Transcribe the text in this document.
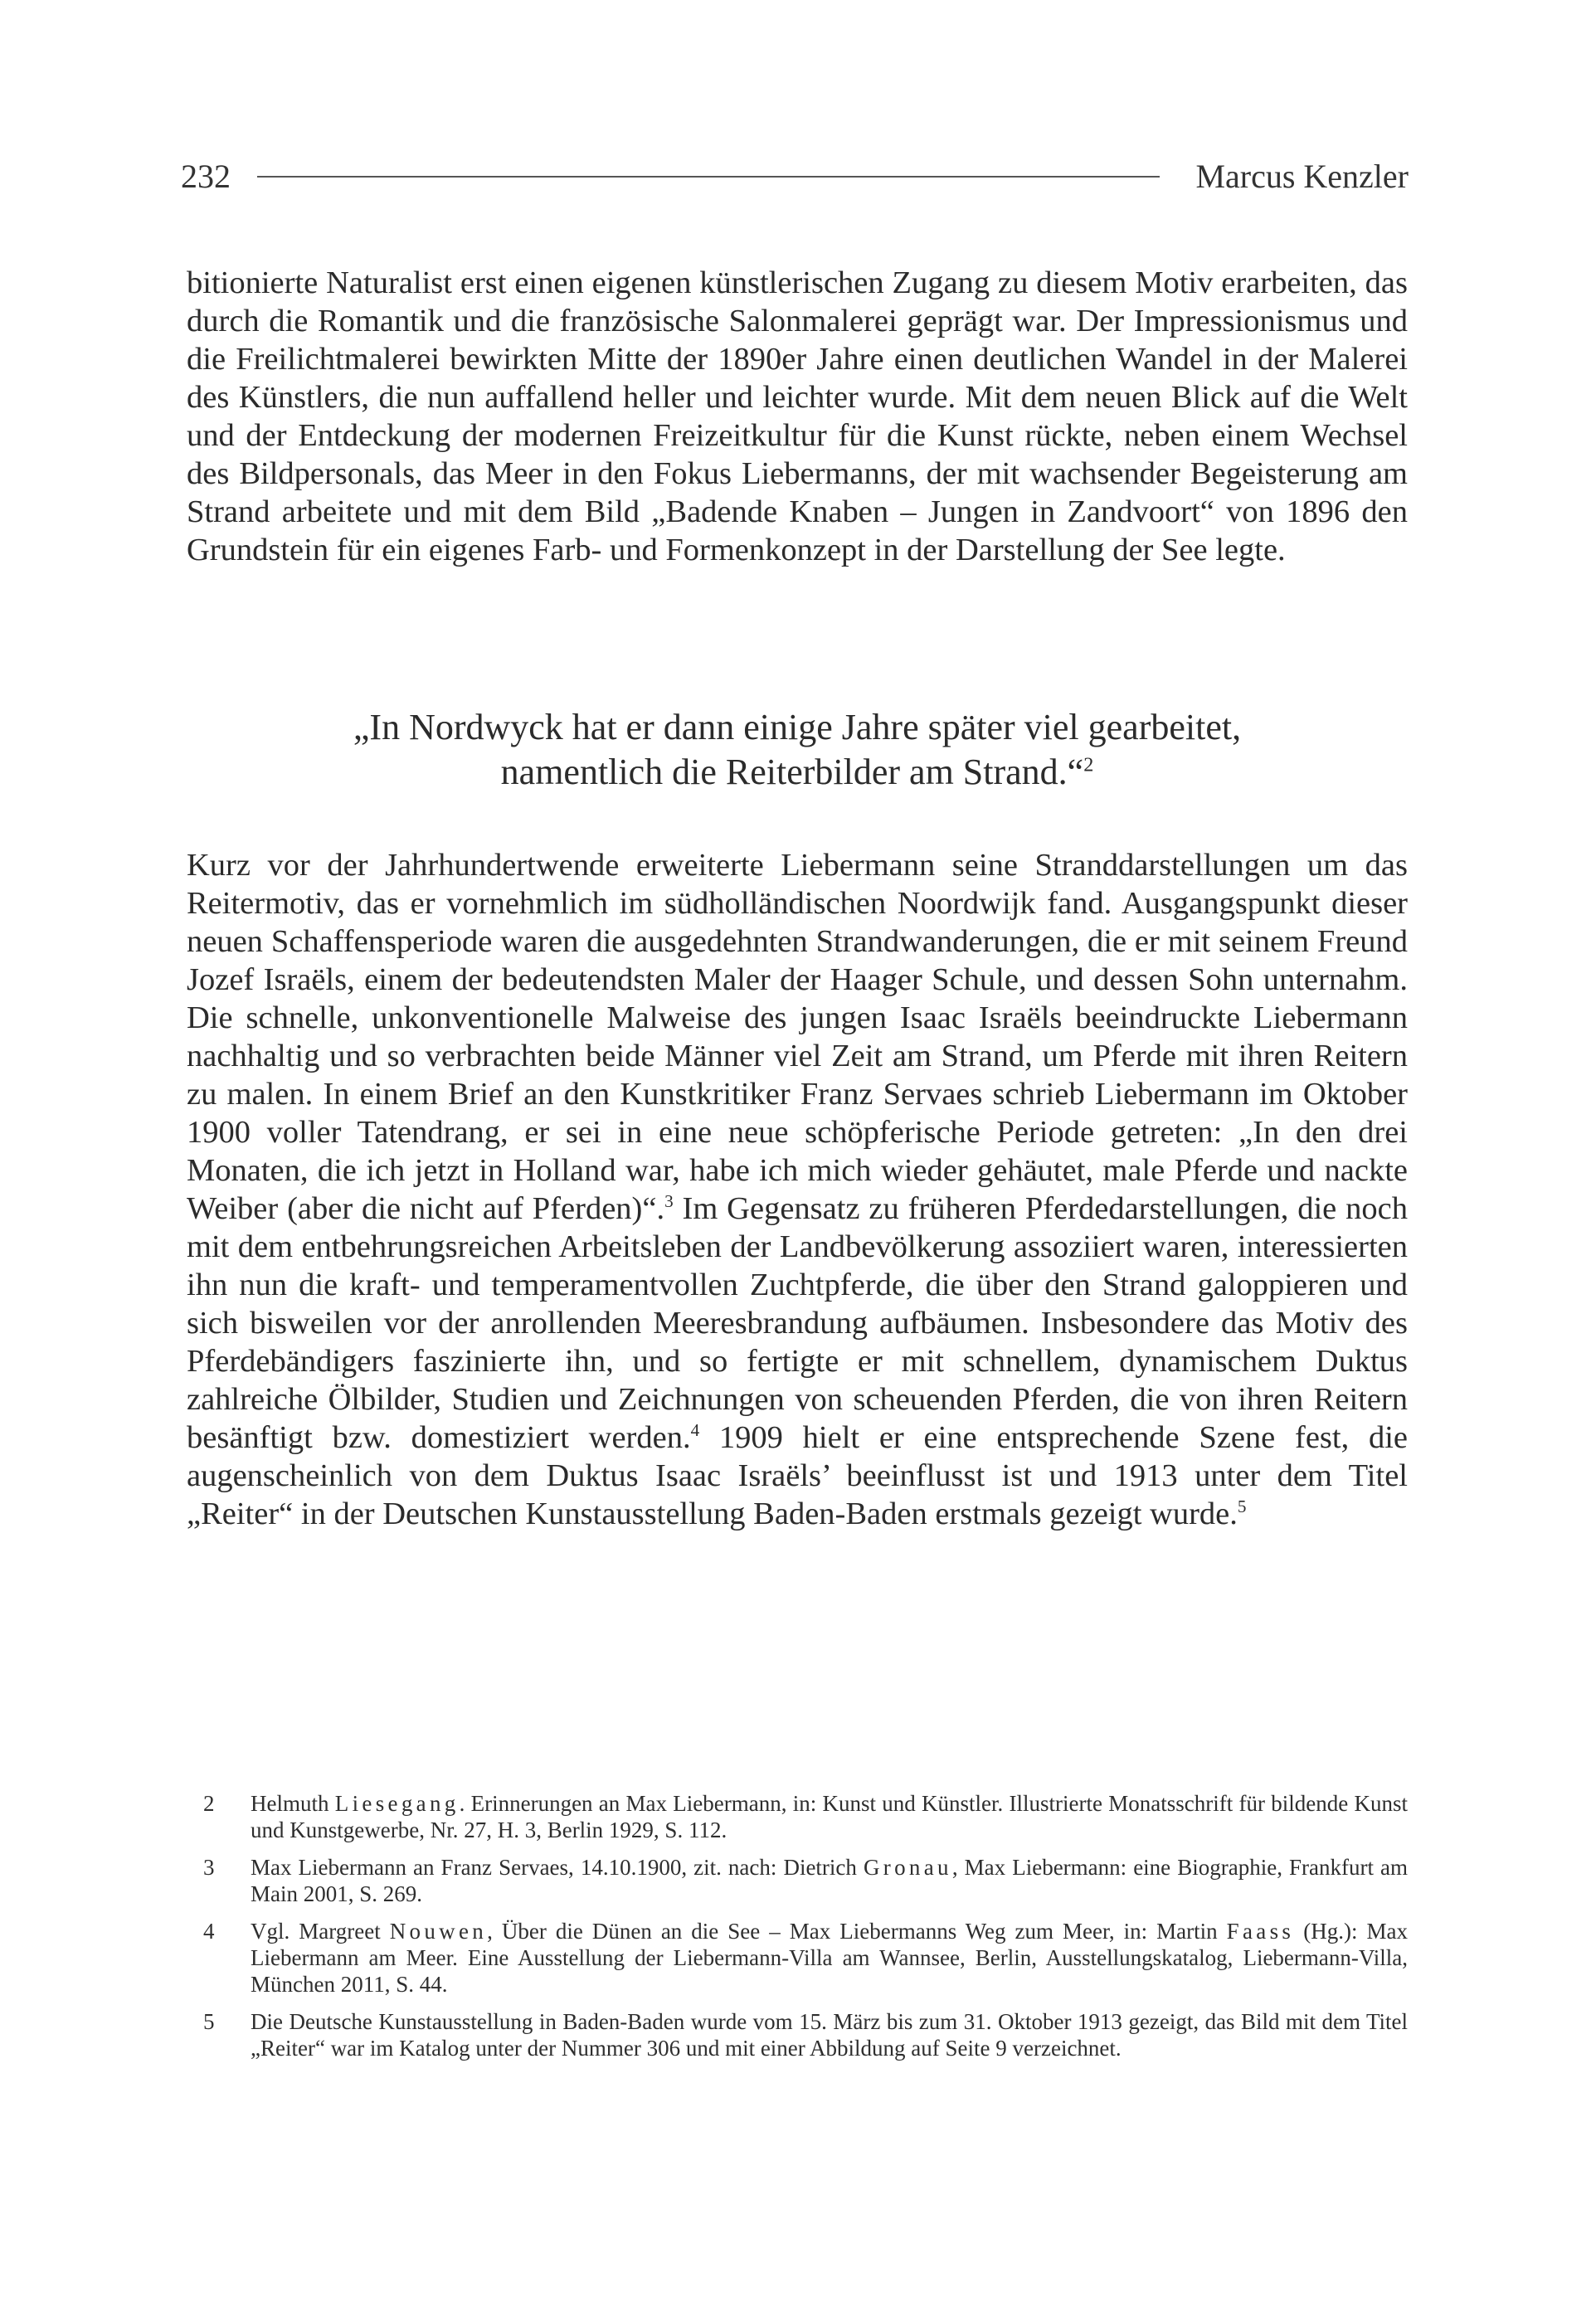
232	Marcus Kenzler

bitionierte Naturalist erst einen eigenen künstlerischen Zugang zu diesem Motiv erarbeiten, das durch die Romantik und die französische Salonmalerei geprägt war. Der Impressionismus und die Freilichtmalerei bewirkten Mitte der 1890er Jahre einen deutlichen Wandel in der Malerei des Künstlers, die nun auffallend heller und leichter wurde. Mit dem neuen Blick auf die Welt und der Entdeckung der modernen Freizeitkultur für die Kunst rückte, neben einem Wechsel des Bildpersonals, das Meer in den Fokus Liebermanns, der mit wachsender Begeisterung am Strand arbeitete und mit dem Bild „Badende Knaben – Jungen in Zandvoort“ von 1896 den Grundstein für ein eigenes Farb- und Formenkonzept in der Darstellung der See legte.

„In Nordwyck hat er dann einige Jahre später viel gearbeitet,
namentlich die Reiterbilder am Strand.“$^2$

Kurz vor der Jahrhundertwende erweiterte Liebermann seine Stranddarstellungen um das Reitermotiv, das er vornehmlich im südholländischen Noordwijk fand. Ausgangspunkt dieser neuen Schaffensperiode waren die ausgedehnten Strandwanderungen, die er mit seinem Freund Jozef Israëls, einem der bedeutendsten Maler der Haager Schule, und dessen Sohn unternahm. Die schnelle, unkonventionelle Malweise des jungen Isaac Israëls beeindruckte Liebermann nachhaltig und so verbrachten beide Männer viel Zeit am Strand, um Pferde mit ihren Reitern zu malen. In einem Brief an den Kunstkritiker Franz Servaes schrieb Liebermann im Oktober 1900 voller Tatendrang, er sei in eine neue schöpferische Periode getreten: „In den drei Monaten, die ich jetzt in Holland war, habe ich mich wieder gehäutet, male Pferde und nackte Weiber (aber die nicht auf Pferden)“.$^3$ Im Gegensatz zu früheren Pferdedarstellungen, die noch mit dem entbehrungsreichen Arbeitsleben der Landbevölkerung assoziiert waren, interessierten ihn nun die kraft- und temperamentvollen Zuchtpferde, die über den Strand galoppieren und sich bisweilen vor der anrollenden Meeresbrandung aufbäumen. Insbesondere das Motiv des Pferdebändigers faszinierte ihn, und so fertigte er mit schnellem, dynamischem Duktus zahlreiche Ölbilder, Studien und Zeichnungen von scheuenden Pferden, die von ihren Reitern besänftigt bzw. domestiziert werden.$^4$ 1909 hielt er eine entsprechende Szene fest, die augenscheinlich von dem Duktus Isaac Israëls’ beeinflusst ist und 1913 unter dem Titel „Reiter“ in der Deutschen Kunstausstellung Baden-Baden erstmals gezeigt wurde.$^5$

2 Helmuth Liesegang. Erinnerungen an Max Liebermann, in: Kunst und Künstler. Illustrierte Monatsschrift für bildende Kunst und Kunstgewerbe, Nr. 27, H. 3, Berlin 1929, S. 112.
3 Max Liebermann an Franz Servaes, 14.10.1900, zit. nach: Dietrich Gronau, Max Liebermann: eine Biographie, Frankfurt am Main 2001, S. 269.
4 Vgl. Margreet Nouwen, Über die Dünen an die See – Max Liebermanns Weg zum Meer, in: Martin Faass (Hg.): Max Liebermann am Meer. Eine Ausstellung der Liebermann-Villa am Wannsee, Berlin, Ausstellungskatalog, Liebermann-Villa, München 2011, S. 44.
5 Die Deutsche Kunstausstellung in Baden-Baden wurde vom 15. März bis zum 31. Oktober 1913 gezeigt, das Bild mit dem Titel „Reiter“ war im Katalog unter der Nummer 306 und mit einer Abbildung auf Seite 9 verzeichnet.
